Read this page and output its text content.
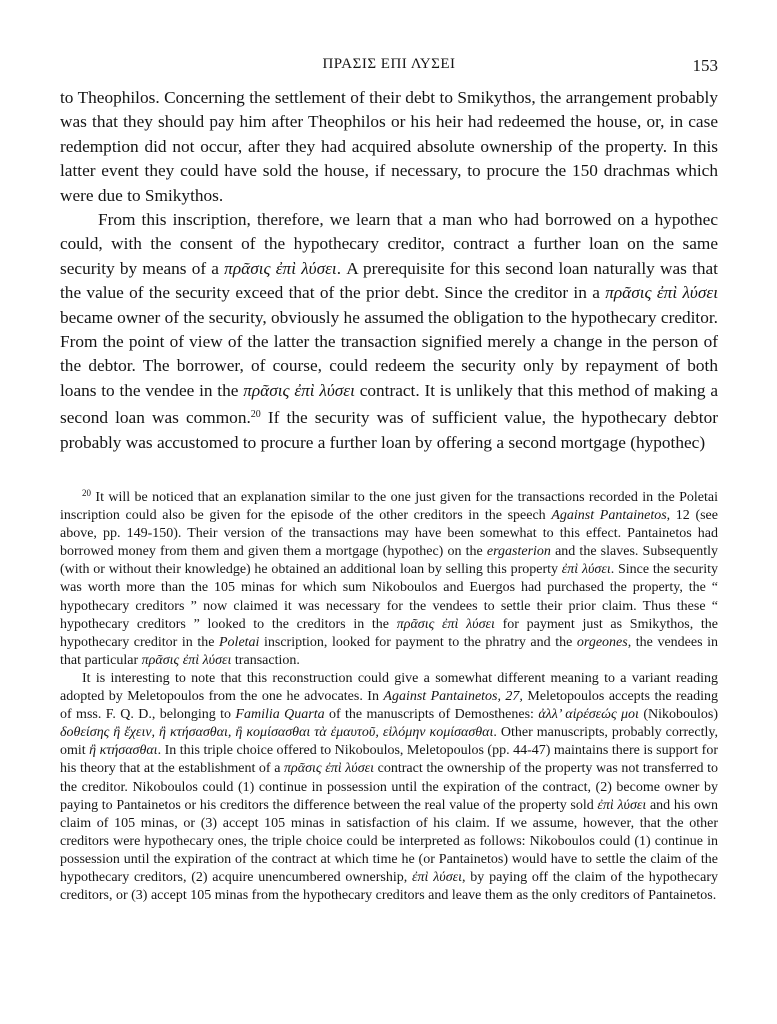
ΠΡΑΣΙΣ ΕΠΙ ΛΥΣΕΙ	153

to Theophilos. Concerning the settlement of their debt to Smikythos, the arrangement probably was that they should pay him after Theophilos or his heir had redeemed the house, or, in case redemption did not occur, after they had acquired absolute ownership of the property. In this latter event they could have sold the house, if necessary, to procure the 150 drachmas which were due to Smikythos.

From this inscription, therefore, we learn that a man who had borrowed on a hypothec could, with the consent of the hypothecary creditor, contract a further loan on the same security by means of a πρᾶσις ἐπὶ λύσει. A prerequisite for this second loan naturally was that the value of the security exceed that of the prior debt. Since the creditor in a πρᾶσις ἐπὶ λύσει became owner of the security, obviously he assumed the obligation to the hypothecary creditor. From the point of view of the latter the transaction signified merely a change in the person of the debtor. The borrower, of course, could redeem the security only by repayment of both loans to the vendee in the πρᾶσις ἐπὶ λύσει contract. It is unlikely that this method of making a second loan was common.$^{20}$ If the security was of sufficient value, the hypothecary debtor probably was accustomed to procure a further loan by offering a second mortgage (hypothec)

$^{20}$ It will be noticed that an explanation similar to the one just given for the transactions recorded in the Poletai inscription could also be given for the episode of the other creditors in the speech Against Pantainetos, 12 (see above, pp. 149-150). Their version of the transactions may have been somewhat to this effect. Pantainetos had borrowed money from them and given them a mortgage (hypothec) on the ergasterion and the slaves. Subsequently (with or without their knowledge) he obtained an additional loan by selling this property ἐπὶ λύσει. Since the security was worth more than the 105 minas for which sum Nikoboulos and Euergos had purchased the property, the “ hypothecary creditors ” now claimed it was necessary for the vendees to settle their prior claim. Thus these “ hypothecary creditors ” looked to the creditors in the πρᾶσις ἐπὶ λύσει for payment just as Smikythos, the hypothecary creditor in the Poletai inscription, looked for payment to the phratry and the orgeones, the vendees in that particular πρᾶσις ἐπὶ λύσει transaction.

It is interesting to note that this reconstruction could give a somewhat different meaning to a variant reading adopted by Meletopoulos from the one he advocates. In Against Pantainetos, 27, Meletopoulos accepts the reading of mss. F. Q. D., belonging to Familia Quarta of the manuscripts of Demosthenes: ἀλλ’ αἱρέσεώς μοι (Nikoboulos) δοθείσης ἢ ἔχειν, ἢ κτήσασθαι, ἢ κομίσασθαι τὰ ἐμαυτοῦ, εἱλόμην κομίσασθαι. Other manuscripts, probably correctly, omit ἢ κτήσασθαι. In this triple choice offered to Nikoboulos, Meletopoulos (pp. 44-47) maintains there is support for his theory that at the establishment of a πρᾶσις ἐπὶ λύσει contract the ownership of the property was not transferred to the creditor. Nikoboulos could (1) continue in possession until the expiration of the contract, (2) become owner by paying to Pantainetos or his creditors the difference between the real value of the property sold ἐπὶ λύσει and his own claim of 105 minas, or (3) accept 105 minas in satisfaction of his claim. If we assume, however, that the other creditors were hypothecary ones, the triple choice could be interpreted as follows: Nikoboulos could (1) continue in possession until the expiration of the contract at which time he (or Pantainetos) would have to settle the claim of the hypothecary creditors, (2) acquire unencumbered ownership, ἐπὶ λύσει, by paying off the claim of the hypothecary creditors, or (3) accept 105 minas from the hypothecary creditors and leave them as the only creditors of Pantainetos.
